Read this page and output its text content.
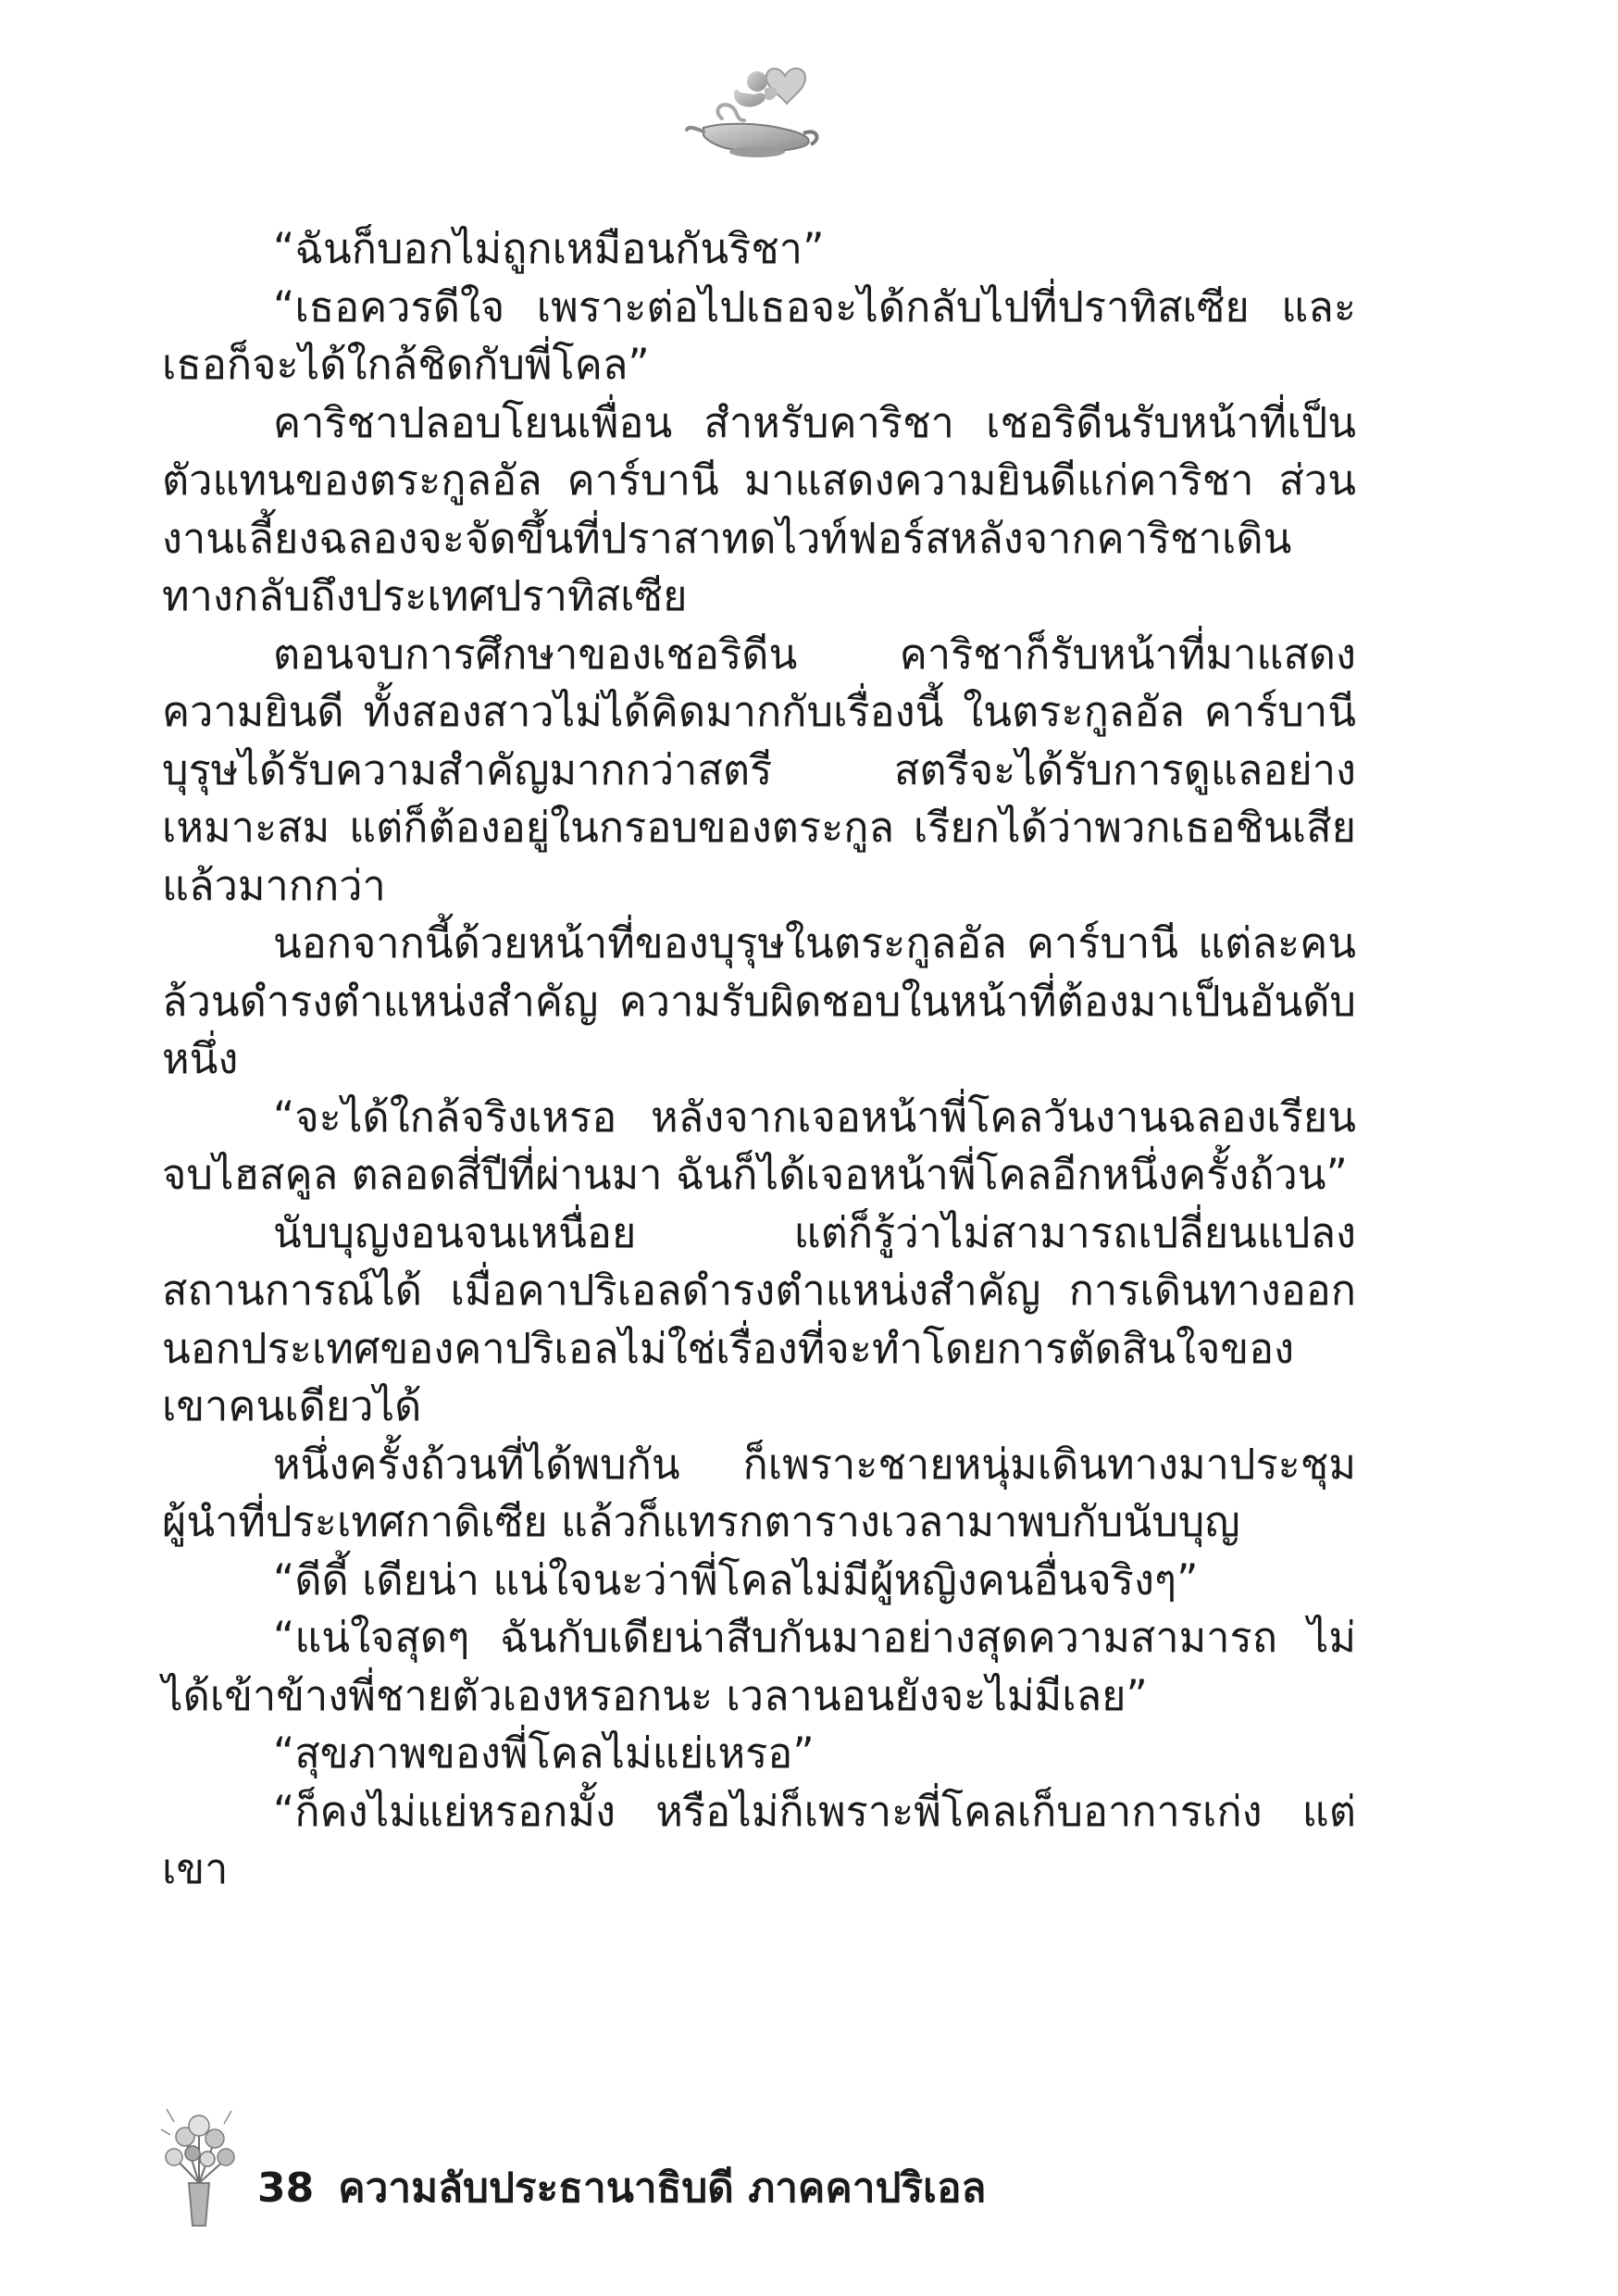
“ฉันก็บอกไม่ถูกเหมือนกันริชา”

“เธอควรดีใจ เพราะต่อไปเธอจะได้กลับไปที่ปราทิสเซีย และเธอก็จะได้ใกล้ชิดกับพี่โคล”

คาริชาปลอบโยนเพื่อน สำหรับคาริชา เชอริดีนรับหน้าที่เป็นตัวแทนของตระกูลอัล คาร์บานี มาแสดงความยินดีแก่คาริชา ส่วนงานเลี้ยงฉลองจะจัดขึ้นที่ปราสาทดไวท์ฟอร์สหลังจากคาริชาเดินทางกลับถึงประเทศปราทิสเซีย

ตอนจบการศึกษาของเชอริดีน คาริชาก็รับหน้าที่มาแสดงความยินดี ทั้งสองสาวไม่ได้คิดมากกับเรื่องนี้ ในตระกูลอัล คาร์บานี บุรุษได้รับความสำคัญมากกว่าสตรี สตรีจะได้รับการดูแลอย่างเหมาะสม แต่ก็ต้องอยู่ในกรอบของตระกูล เรียกได้ว่าพวกเธอชินเสียแล้วมากกว่า

นอกจากนี้ด้วยหน้าที่ของบุรุษในตระกูลอัล คาร์บานี แต่ละคนล้วนดำรงตำแหน่งสำคัญ ความรับผิดชอบในหน้าที่ต้องมาเป็นอันดับหนึ่ง

“จะได้ใกล้จริงเหรอ หลังจากเจอหน้าพี่โคลวันงานฉลองเรียนจบไฮสคูล ตลอดสี่ปีที่ผ่านมา ฉันก็ได้เจอหน้าพี่โคลอีกหนึ่งครั้งถ้วน”

นับบุญงอนจนเหนื่อย แต่ก็รู้ว่าไม่สามารถเปลี่ยนแปลงสถานการณ์ได้ เมื่อคาปริเอลดำรงตำแหน่งสำคัญ การเดินทางออกนอกประเทศของคาปริเอลไม่ใช่เรื่องที่จะทำโดยการตัดสินใจของเขาคนเดียวได้

หนึ่งครั้งถ้วนที่ได้พบกัน ก็เพราะชายหนุ่มเดินทางมาประชุมผู้นำที่ประเทศกาดิเซีย แล้วก็แทรกตารางเวลามาพบกับนับบุญ

“ดีดี้ เดียน่า แน่ใจนะว่าพี่โคลไม่มีผู้หญิงคนอื่นจริงๆ”

“แน่ใจสุดๆ ฉันกับเดียน่าสืบกันมาอย่างสุดความสามารถ ไม่ได้เข้าข้างพี่ชายตัวเองหรอกนะ เวลานอนยังจะไม่มีเลย”

“สุขภาพของพี่โคลไม่แย่เหรอ”

“ก็คงไม่แย่หรอกมั้ง หรือไม่ก็เพราะพี่โคลเก็บอาการเก่ง แต่เขา

38 ความลับประธานาธิบดี ภาคคาปริเอล
